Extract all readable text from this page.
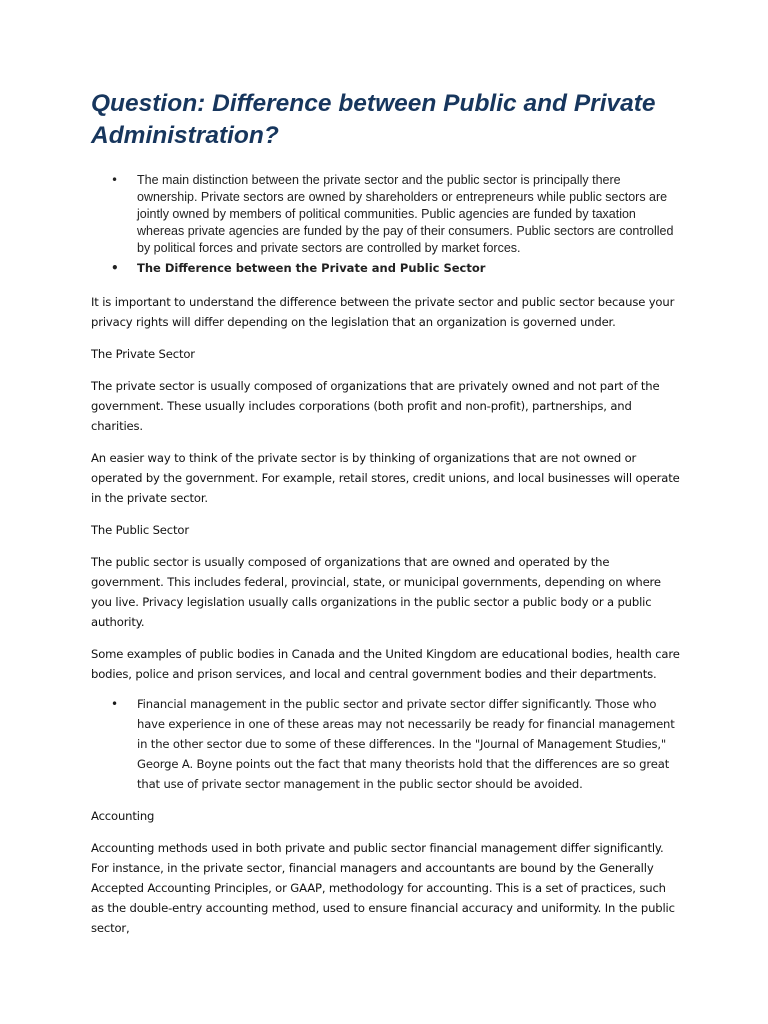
Question: Difference between Public and Private Administration?
• The main distinction between the private sector and the public sector is principally there ownership. Private sectors are owned by shareholders or entrepreneurs while public sectors are jointly owned by members of political communities. Public agencies are funded by taxation whereas private agencies are funded by the pay of their consumers. Public sectors are controlled by political forces and private sectors are controlled by market forces.
• The Difference between the Private and Public Sector

It is important to understand the difference between the private sector and public sector because your privacy rights will differ depending on the legislation that an organization is governed under.

The Private Sector

The private sector is usually composed of organizations that are privately owned and not part of the government. These usually includes corporations (both profit and non-profit), partnerships, and charities.

An easier way to think of the private sector is by thinking of organizations that are not owned or operated by the government. For example, retail stores, credit unions, and local businesses will operate in the private sector.

The Public Sector

The public sector is usually composed of organizations that are owned and operated by the government. This includes federal, provincial, state, or municipal governments, depending on where you live. Privacy legislation usually calls organizations in the public sector a public body or a public authority.

Some examples of public bodies in Canada and the United Kingdom are educational bodies, health care bodies, police and prison services, and local and central government bodies and their departments.

• Financial management in the public sector and private sector differ significantly. Those who have experience in one of these areas may not necessarily be ready for financial management in the other sector due to some of these differences. In the "Journal of Management Studies," George A. Boyne points out the fact that many theorists hold that the differences are so great that use of private sector management in the public sector should be avoided.

Accounting

Accounting methods used in both private and public sector financial management differ significantly. For instance, in the private sector, financial managers and accountants are bound by the Generally Accepted Accounting Principles, or GAAP, methodology for accounting. This is a set of practices, such as the double-entry accounting method, used to ensure financial accuracy and uniformity. In the public sector,
